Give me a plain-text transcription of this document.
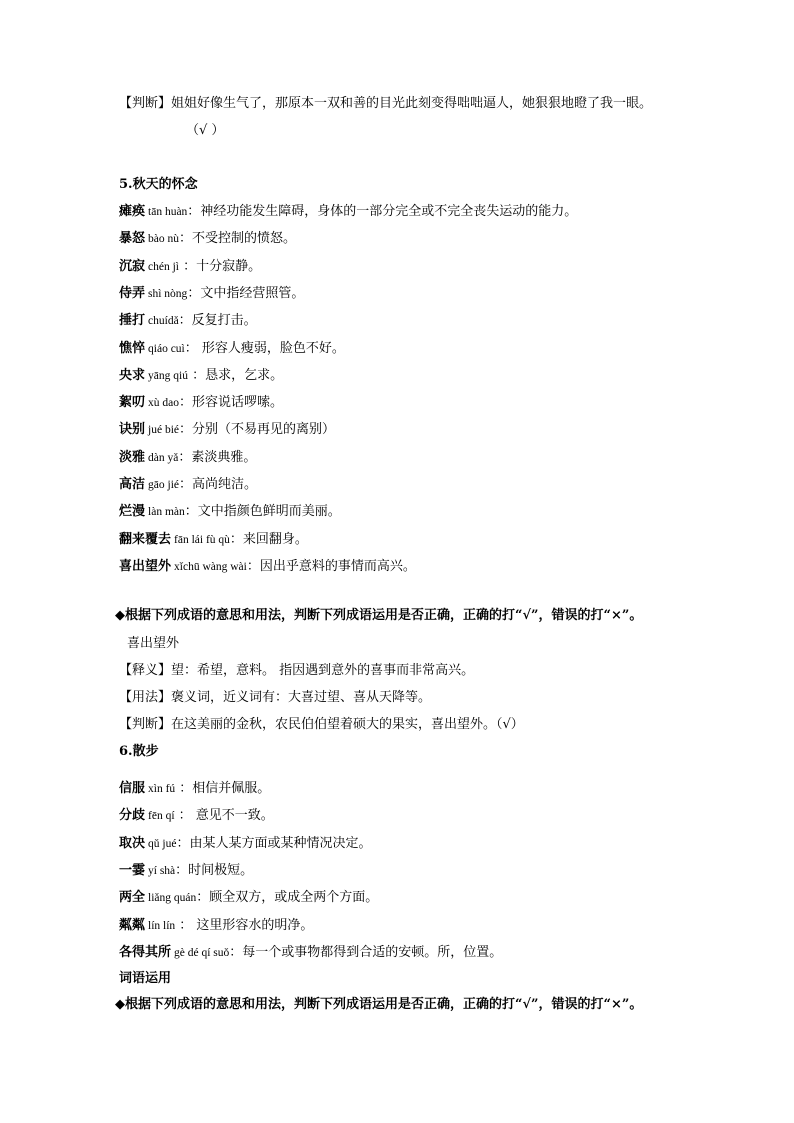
【判断】姐姐好像生气了，那原本一双和善的目光此刻变得咄咄逼人，她狠狠地瞪了我一眼。
（√ ）
5.秋天的怀念
瘫痪 tān huàn：神经功能发生障碍，身体的一部分完全或不完全丧失运动的能力。
暴怒 bào nù：不受控制的愤怒。
沉寂 chén jì ：十分寂静。
侍弄 shì nòng：文中指经营照管。
捶打 chuídǎ：反复打击。
憔悴 qiáo cuì： 形容人瘦弱，脸色不好。
央求 yāng qiú ：恳求，乞求。
絮叨 xù dao：形容说话啰嗦。
诀别 jué bié：分别（不易再见的离别）
淡雅 dàn yǎ：素淡典雅。
高洁 gāo jié：高尚纯洁。
烂漫 làn màn：文中指颜色鲜明而美丽。
翻来覆去 fān lái fù qù：来回翻身。
喜出望外 xǐchū wàng wài：因出乎意料的事情而高兴。
◆根据下列成语的意思和用法，判断下列成语运用是否正确，正确的打“√”，错误的打“×”。
喜出望外
【释义】望：希望，意料。 指因遇到意外的喜事而非常高兴。
【用法】褒义词，近义词有：大喜过望、喜从天降等。
【判断】在这美丽的金秋，农民伯伯望着硕大的果实，喜出望外。（√）
6.散步
信服 xìn fú ：相信并佩服。
分歧 fēn qí ： 意见不一致。
取决 qǔ jué：由某人某方面或某种情况决定。
一霎 yí shà：时间极短。
两全 liǎng quán：顾全双方，或成全两个方面。
粼粼 lín lín ： 这里形容水的明净。
各得其所 gè dé qí suǒ：每一个或事物都得到合适的安顿。所，位置。
词语运用
◆根据下列成语的意思和用法，判断下列成语运用是否正确，正确的打“√”，错误的打“×”。
